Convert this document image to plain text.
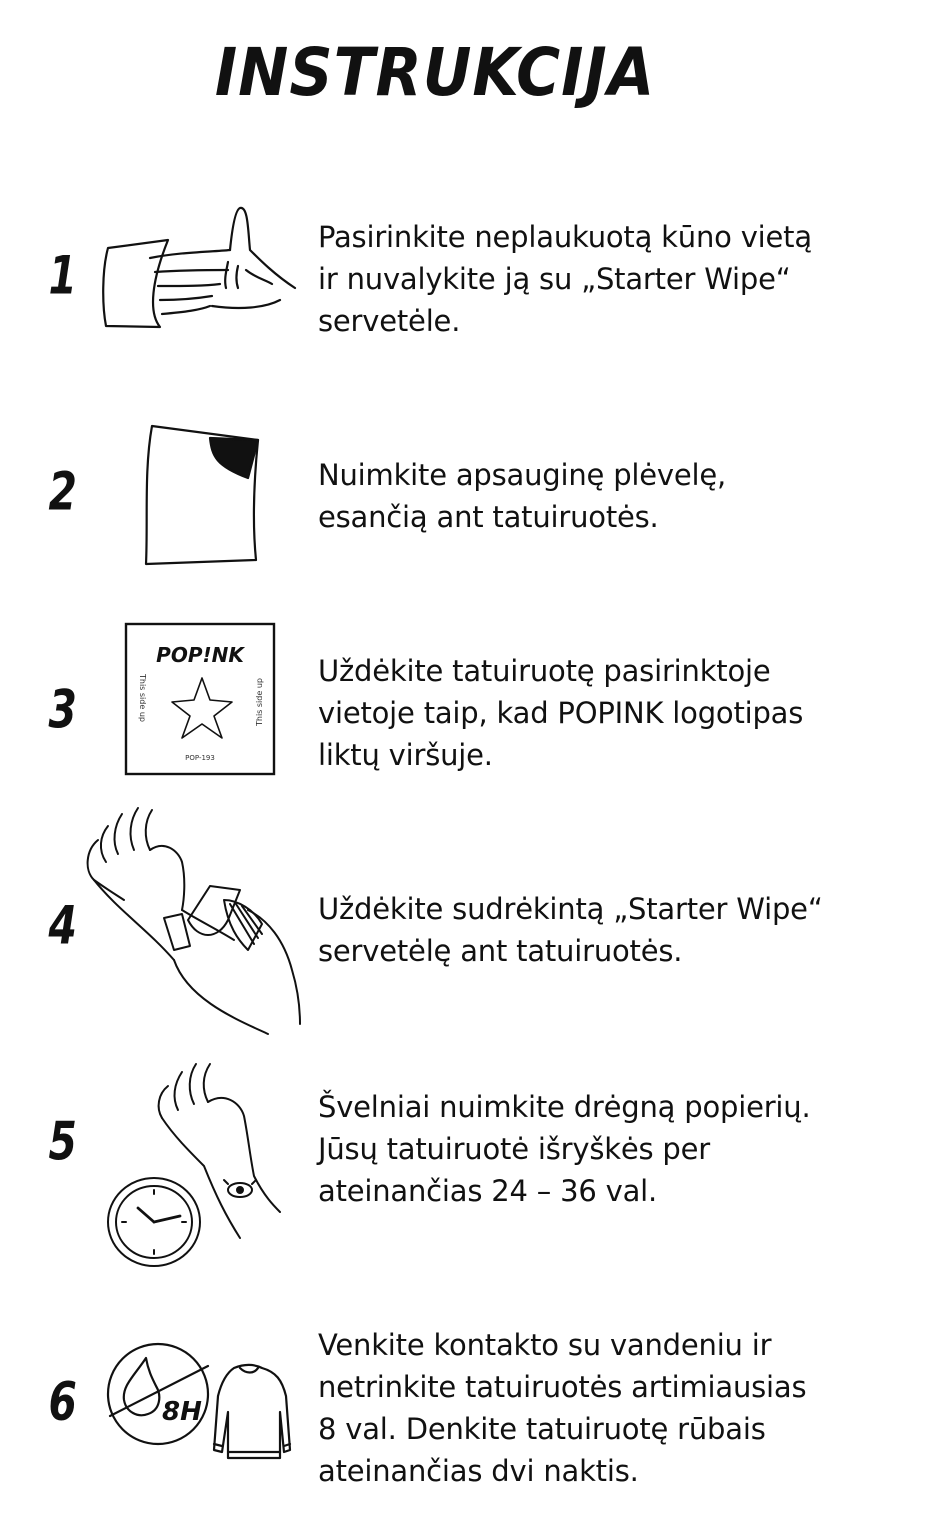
INSTRUKCIJA
1
Pasirinkite neplaukuotą kūno vietą
ir nuvalykite ją su „Starter Wipe“
servetėle.
2	Nuimkite apsauginę plėvelę,
esančią ant tatuiruotės.
3
POP!NK
This side up	This side up
POP-193
Uždėkite tatuiruotę pasirinktoje
vietoje taip, kad POPINK logotipas
liktų viršuje.
4	Uždėkite sudrėkintą „Starter Wipe“
servetėlę ant tatuiruotės.
5
Švelniai nuimkite drėgną popierių.
Jūsų tatuiruotė išryškės per
ateinančias 24 – 36 val.
6	8H
Venkite kontakto su vandeniu ir
netrinkite tatuiruotės artimiausias
8 val. Denkite tatuiruotę rūbais
ateinančias dvi naktis.
